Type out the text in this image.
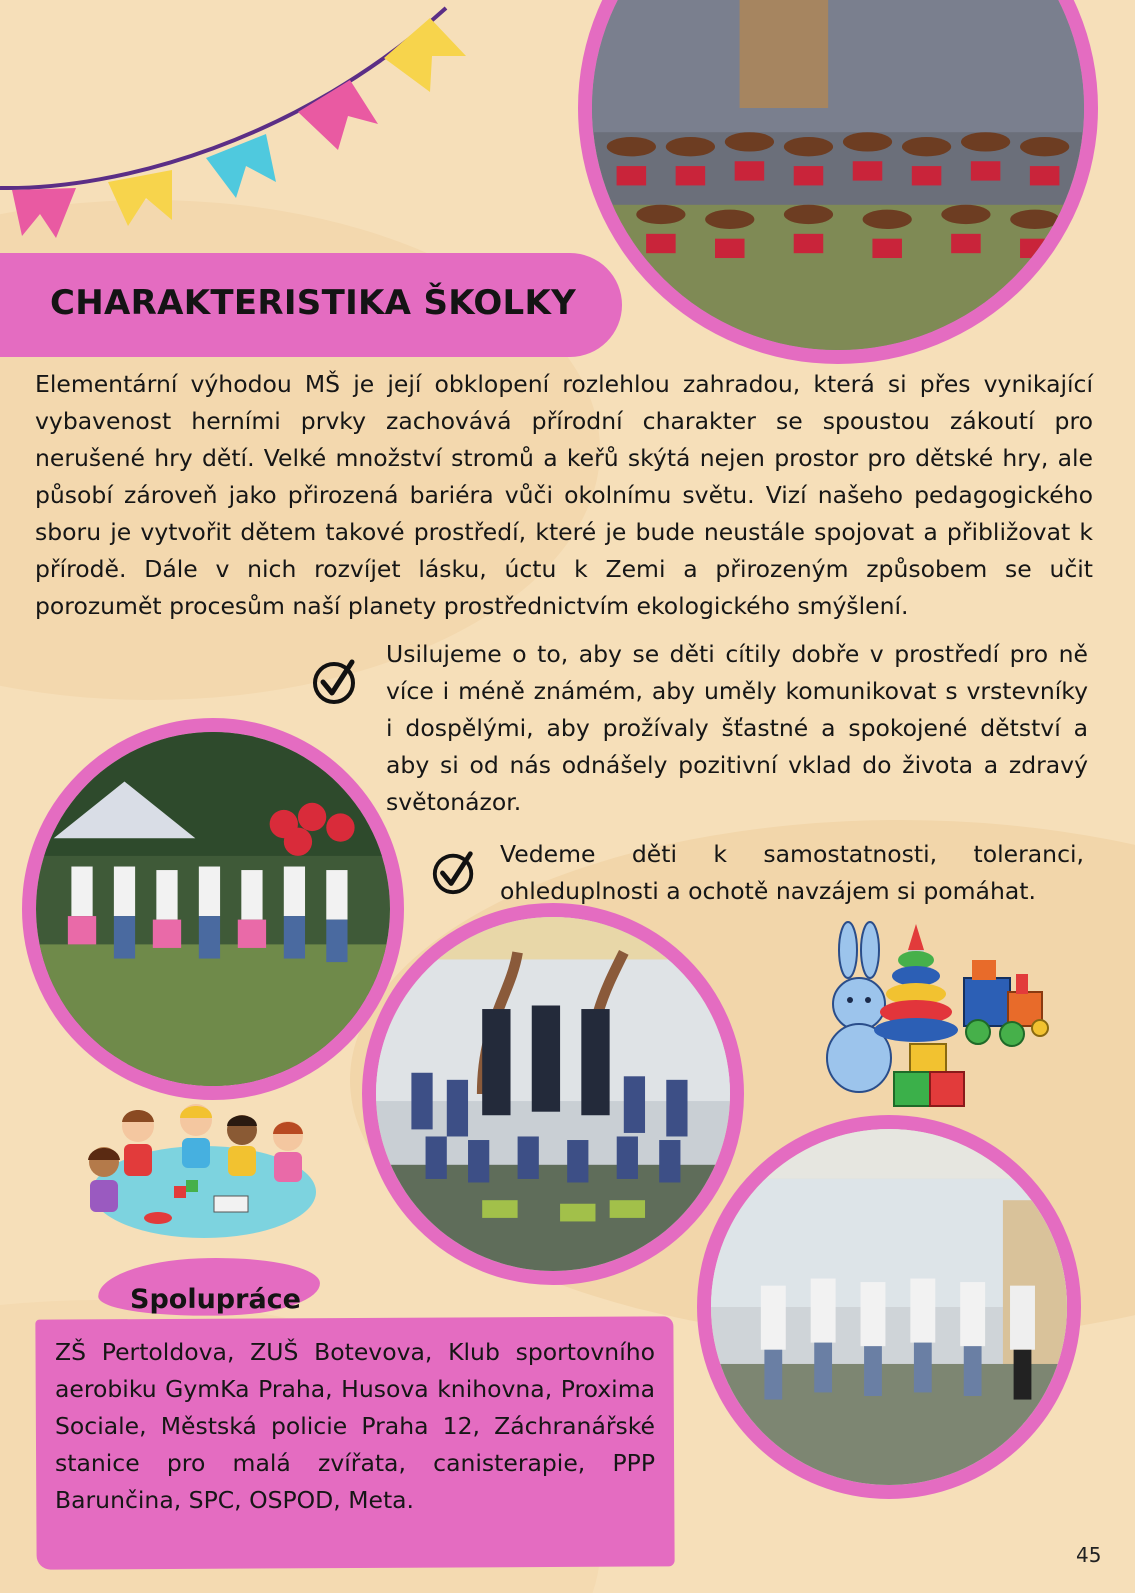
CHARAKTERISTIKA ŠKOLKY
Elementární výhodou MŠ je její obklopení rozlehlou zahradou, která si přes vynikající vybavenost herními prvky zachovává přírodní charakter se spoustou zákoutí pro nerušené hry dětí. Velké množství stromů a keřů skýtá nejen prostor pro dětské hry, ale působí zároveň jako přirozená bariéra vůči okolnímu světu. Vizí našeho pedagogického sboru je vytvořit dětem takové prostředí, které je bude neustále spojovat a přibližovat k přírodě. Dále v nich rozvíjet lásku, úctu k Zemi a přirozeným způsobem se učit porozumět procesům naší planety prostřednictvím ekologického smýšlení.
Usilujeme o to, aby se děti cítily dobře v prostředí pro ně více i méně známém, aby uměly komunikovat s vrstevníky i dospělými, aby prožívaly šťastné a spokojené dětství a aby si od nás odnášely pozitivní vklad do života a zdravý světonázor.
Vedeme děti k samostatnosti, toleranci, ohleduplnosti a ochotě navzájem si pomáhat.
Spolupráce
ZŠ Pertoldova, ZUŠ Botevova, Klub sportovního aerobiku GymKa Praha, Husova knihovna, Proxima Sociale, Městská policie Praha 12, Záchranářské stanice pro malá zvířata, canisterapie, PPP Barunčina, SPC, OSPOD, Meta.
45
